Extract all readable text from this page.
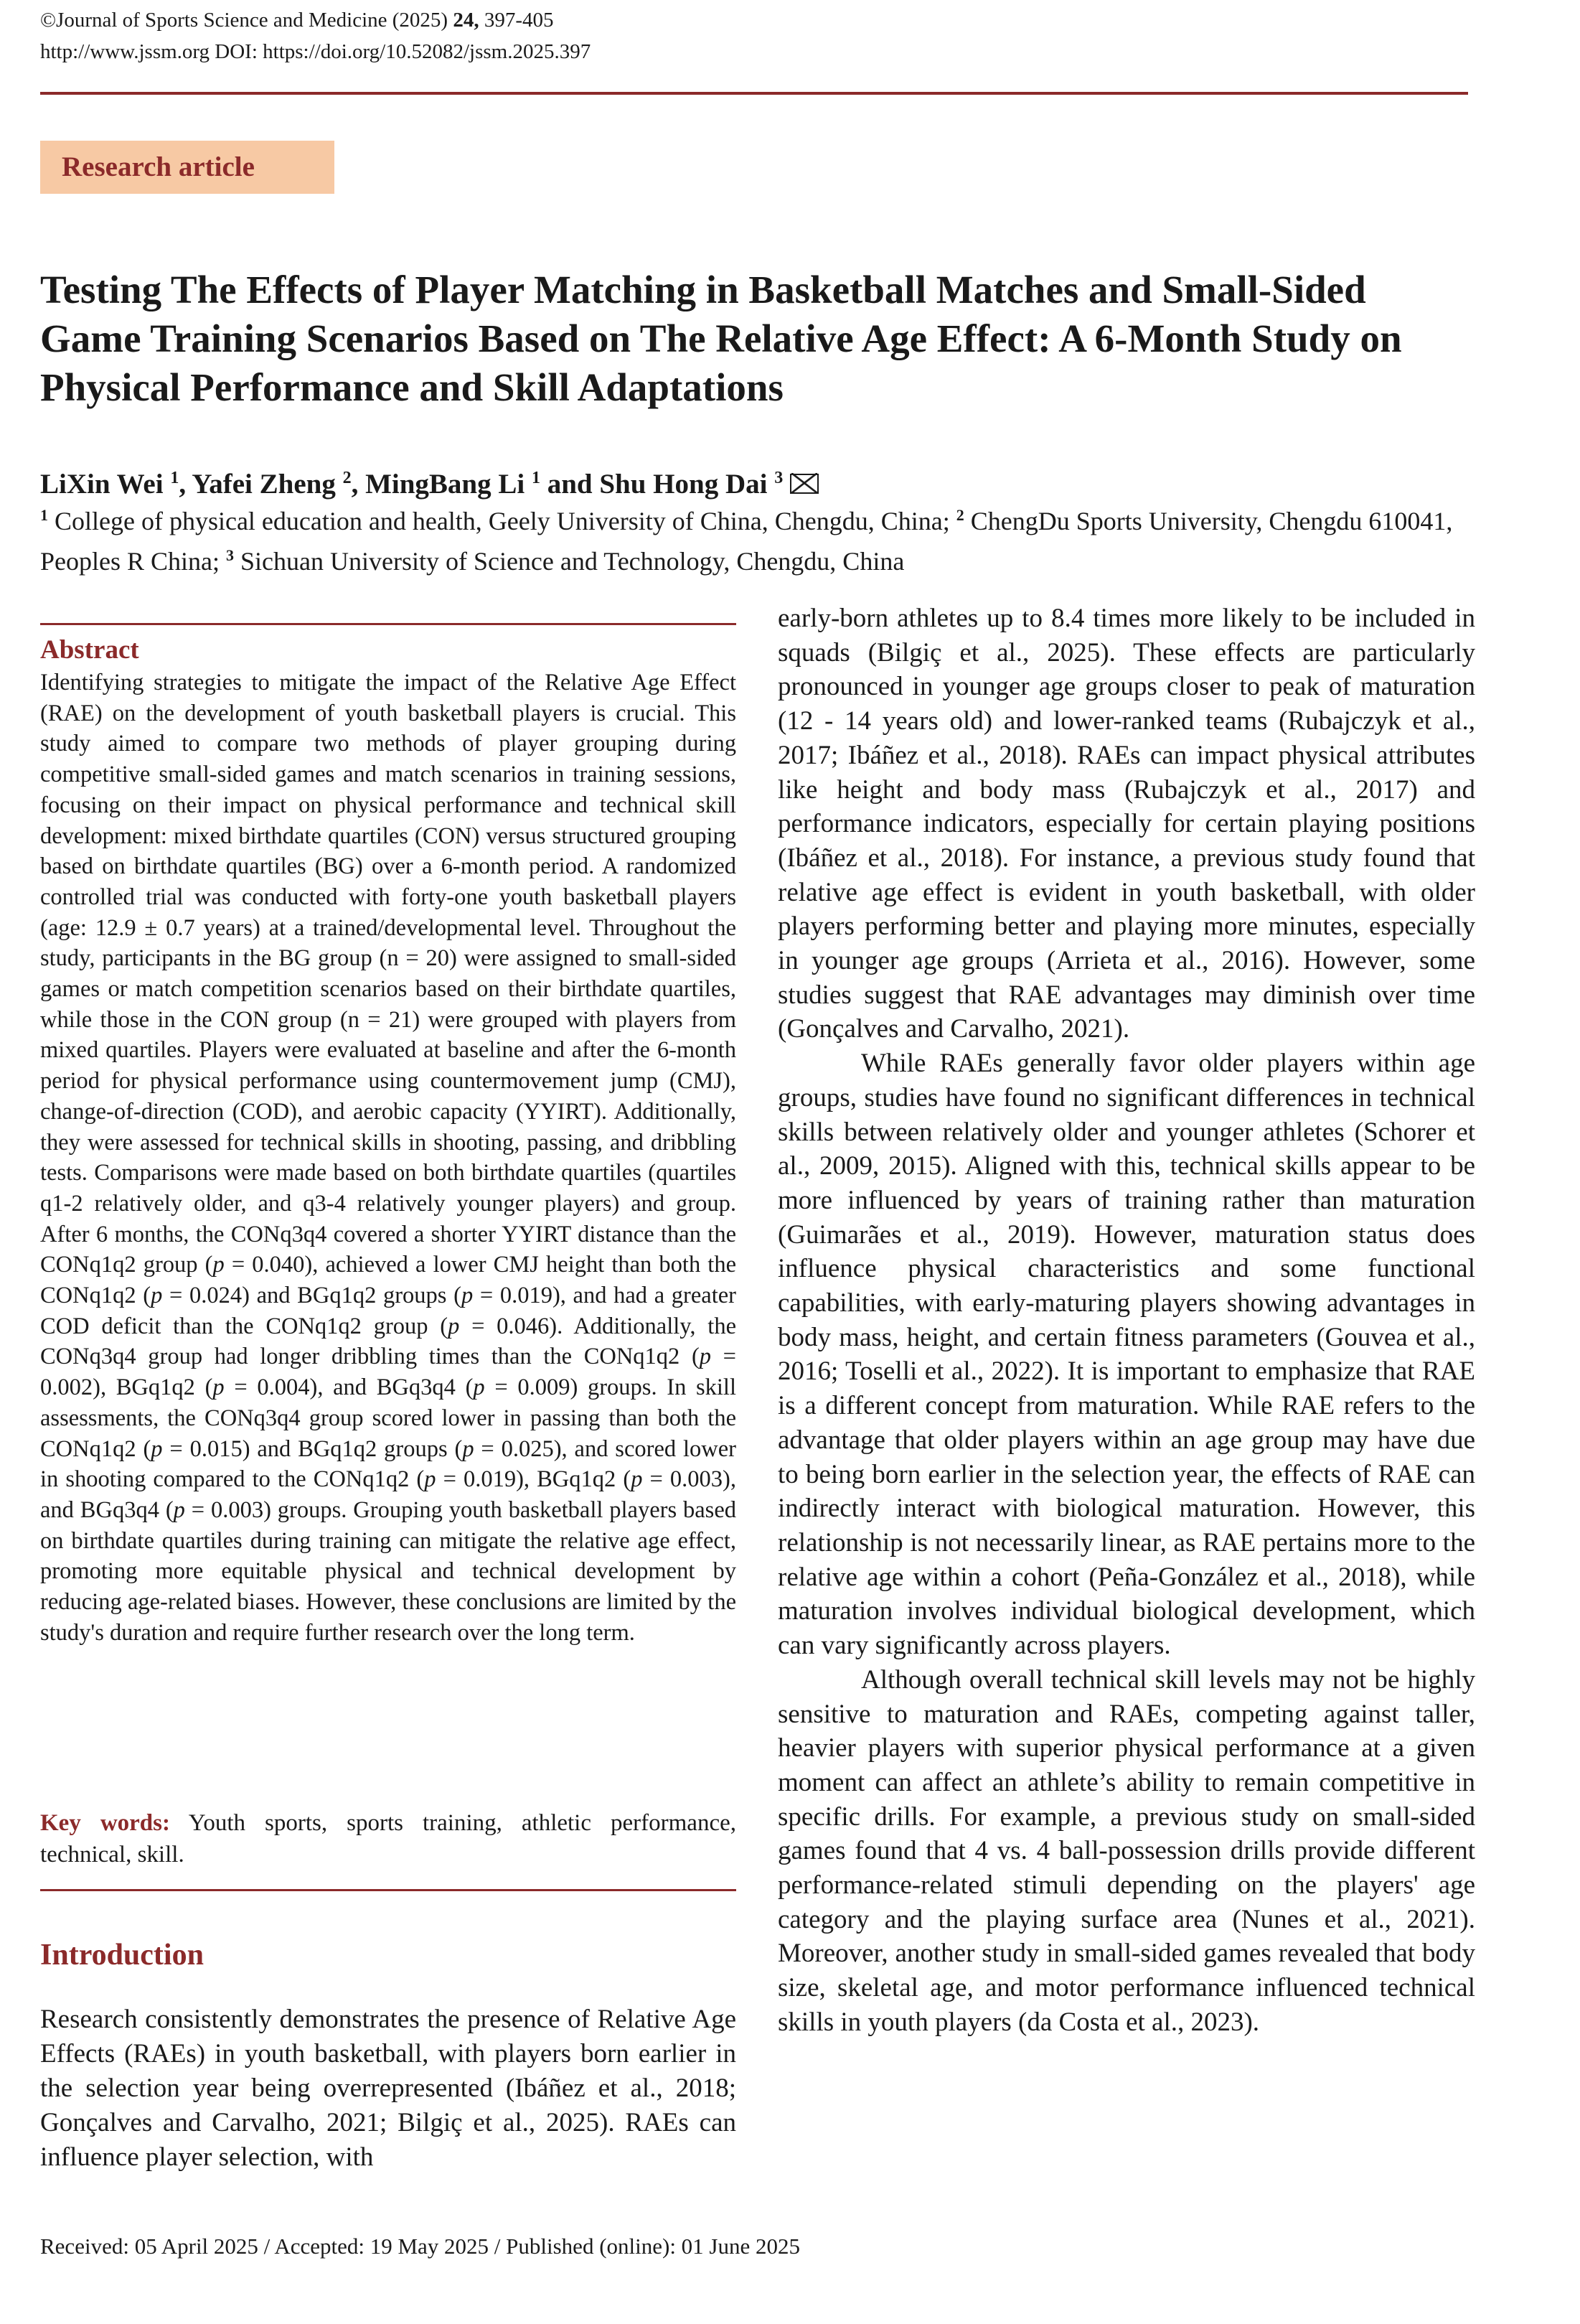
©Journal of Sports Science and Medicine (2025) 24, 397-405
http://www.jssm.org DOI: https://doi.org/10.52082/jssm.2025.397
Research article
Testing The Effects of Player Matching in Basketball Matches and Small-Sided Game Training Scenarios Based on The Relative Age Effect: A 6-Month Study on Physical Performance and Skill Adaptations
LiXin Wei $^1$, Yafei Zheng $^2$, MingBang Li $^1$ and Shu Hong Dai $^3$
$^1$ College of physical education and health, Geely University of China, Chengdu, China; $^2$ ChengDu Sports University, Chengdu 610041, Peoples R China; $^3$ Sichuan University of Science and Technology, Chengdu, China
Abstract
Identifying strategies to mitigate the impact of the Relative Age Effect (RAE) on the development of youth basketball players is crucial. This study aimed to compare two methods of player grouping during competitive small-sided games and match scenarios in training sessions, focusing on their impact on physical performance and technical skill development: mixed birthdate quartiles (CON) versus structured grouping based on birthdate quartiles (BG) over a 6-month period. A randomized controlled trial was conducted with forty-one youth basketball players (age: 12.9 ± 0.7 years) at a trained/developmental level. Throughout the study, participants in the BG group (n = 20) were assigned to small-sided games or match competition scenarios based on their birthdate quartiles, while those in the CON group (n = 21) were grouped with players from mixed quartiles. Players were evaluated at baseline and after the 6-month period for physical performance using countermovement jump (CMJ), change-of-direction (COD), and aerobic capacity (YYIRT). Additionally, they were assessed for technical skills in shooting, passing, and dribbling tests. Comparisons were made based on both birthdate quartiles (quartiles q1-2 relatively older, and q3-4 relatively younger players) and group. After 6 months, the CONq3q4 covered a shorter YYIRT distance than the CONq1q2 group (p = 0.040), achieved a lower CMJ height than both the CONq1q2 (p = 0.024) and BGq1q2 groups (p = 0.019), and had a greater COD deficit than the CONq1q2 group (p = 0.046). Additionally, the CONq3q4 group had longer dribbling times than the CONq1q2 (p = 0.002), BGq1q2 (p = 0.004), and BGq3q4 (p = 0.009) groups. In skill assessments, the CONq3q4 group scored lower in passing than both the CONq1q2 (p = 0.015) and BGq1q2 groups (p = 0.025), and scored lower in shooting compared to the CONq1q2 (p = 0.019), BGq1q2 (p = 0.003), and BGq3q4 (p = 0.003) groups. Grouping youth basketball players based on birthdate quartiles during training can mitigate the relative age effect, promoting more equitable physical and technical development by reducing age-related biases. However, these conclusions are limited by the study's duration and require further research over the long term.
Key words: Youth sports, sports training, athletic performance, technical, skill.
Introduction
Research consistently demonstrates the presence of Relative Age Effects (RAEs) in youth basketball, with players born earlier in the selection year being overrepresented (Ibáñez et al., 2018; Gonçalves and Carvalho, 2021; Bilgiç et al., 2025). RAEs can influence player selection, with

early-born athletes up to 8.4 times more likely to be included in squads (Bilgiç et al., 2025). These effects are particularly pronounced in younger age groups closer to peak of maturation (12 - 14 years old) and lower-ranked teams (Rubajczyk et al., 2017; Ibáñez et al., 2018). RAEs can impact physical attributes like height and body mass (Rubajczyk et al., 2017) and performance indicators, especially for certain playing positions (Ibáñez et al., 2018). For instance, a previous study found that relative age effect is evident in youth basketball, with older players performing better and playing more minutes, especially in younger age groups (Arrieta et al., 2016). However, some studies suggest that RAE advantages may diminish over time (Gonçalves and Carvalho, 2021).

While RAEs generally favor older players within age groups, studies have found no significant differences in technical skills between relatively older and younger athletes (Schorer et al., 2009, 2015). Aligned with this, technical skills appear to be more influenced by years of training rather than maturation (Guimarães et al., 2019). However, maturation status does influence physical characteristics and some functional capabilities, with early-maturing players showing advantages in body mass, height, and certain fitness parameters (Gouvea et al., 2016; Toselli et al., 2022). It is important to emphasize that RAE is a different concept from maturation. While RAE refers to the advantage that older players within an age group may have due to being born earlier in the selection year, the effects of RAE can indirectly interact with biological maturation. However, this relationship is not necessarily linear, as RAE pertains more to the relative age within a cohort (Peña-González et al., 2018), while maturation involves individual biological development, which can vary significantly across players.

Although overall technical skill levels may not be highly sensitive to maturation and RAEs, competing against taller, heavier players with superior physical performance at a given moment can affect an athlete’s ability to remain competitive in specific drills. For example, a previous study on small-sided games found that 4 vs. 4 ball-possession drills provide different performance-related stimuli depending on the players' age category and the playing surface area (Nunes et al., 2021). Moreover, another study in small-sided games revealed that body size, skeletal age, and motor performance influenced technical skills in youth players (da Costa et al., 2023).

Received: 05 April 2025 / Accepted: 19 May 2025 / Published (online): 01 June 2025
